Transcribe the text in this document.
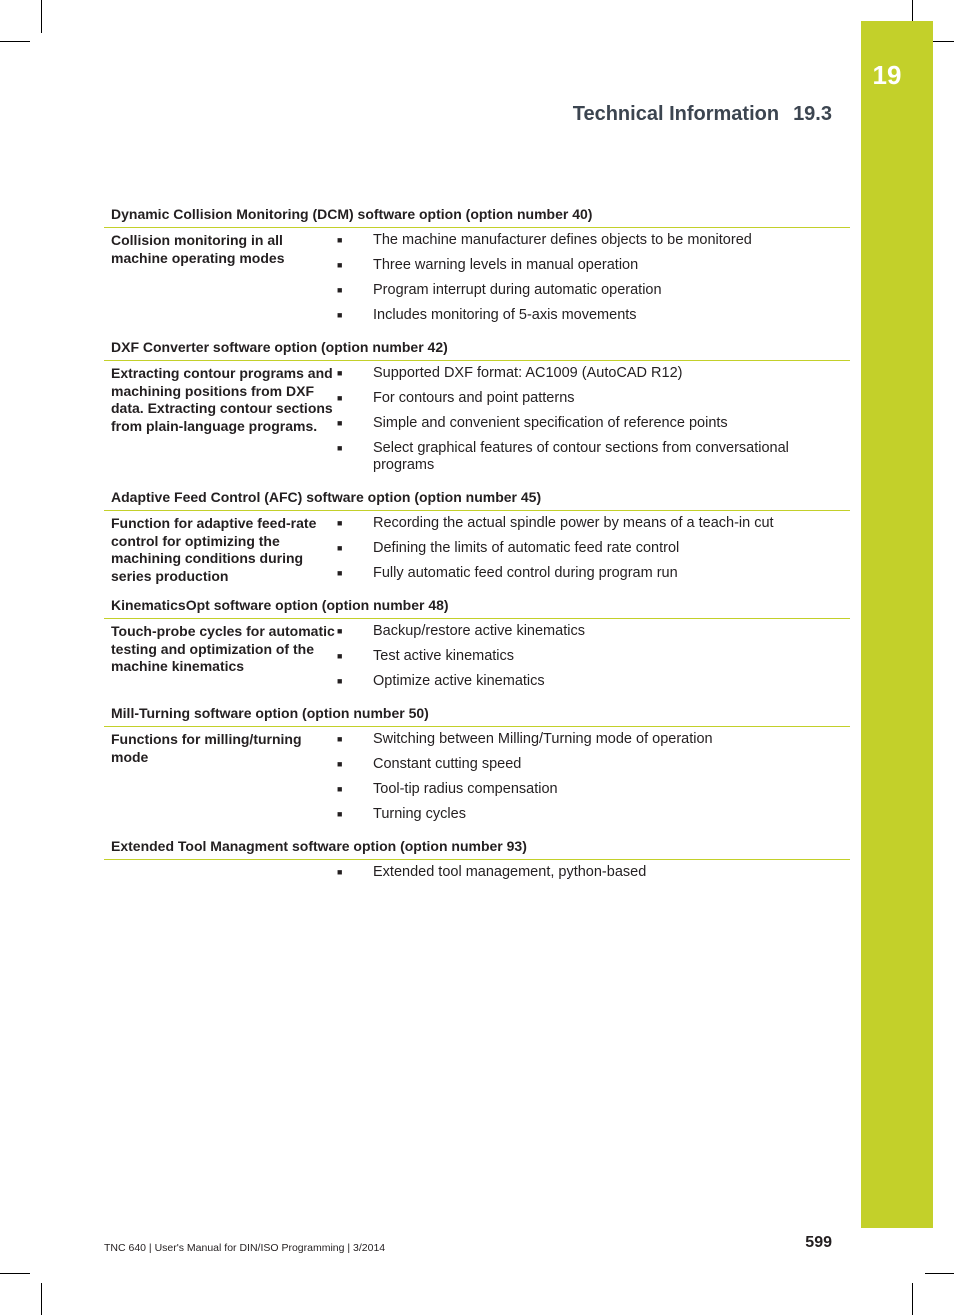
19
Technical Information 19.3
Dynamic Collision Monitoring (DCM) software option (option number 40)
Collision monitoring in all machine operating modes
■	The machine manufacturer defines objects to be monitored
■	Three warning levels in manual operation
■	Program interrupt during automatic operation
■	Includes monitoring of 5-axis movements
DXF Converter software option (option number 42)
Extracting contour programs and machining positions from DXF data. Extracting contour sections from plain-language programs.
■	Supported DXF format: AC1009 (AutoCAD R12)
■	For contours and point patterns
■	Simple and convenient specification of reference points
■	Select graphical features of contour sections from conversational programs
Adaptive Feed Control (AFC) software option (option number 45)
Function for adaptive feed-rate control for optimizing the machining conditions during series production
■	Recording the actual spindle power by means of a teach-in cut
■	Defining the limits of automatic feed rate control
■	Fully automatic feed control during program run
KinematicsOpt software option (option number 48)
Touch-probe cycles for automatic testing and optimization of the machine kinematics
■	Backup/restore active kinematics
■	Test active kinematics
■	Optimize active kinematics
Mill-Turning software option (option number 50)
Functions for milling/turning mode
■	Switching between Milling/Turning mode of operation
■	Constant cutting speed
■	Tool-tip radius compensation
■	Turning cycles
Extended Tool Managment software option (option number 93)
■	Extended tool management, python-based
TNC 640 | User's Manual for DIN/ISO Programming | 3/2014	599
